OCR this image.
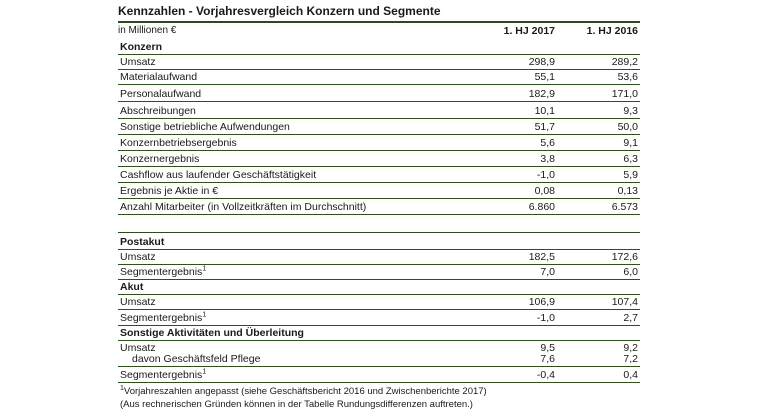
Kennzahlen - Vorjahresvergleich Konzern und Segmente
in Millionen €	1. HJ 2017	1. HJ 2016
Konzern
Umsatz	298,9	289,2
Materialaufwand	55,1	53,6
Personalaufwand	182,9	171,0
Abschreibungen	10,1	9,3
Sonstige betriebliche Aufwendungen	51,7	50,0
Konzernbetriebsergebnis	5,6	9,1
Konzernergebnis	3,8	6,3
Cashflow aus laufender Geschäftstätigkeit	-1,0	5,9
Ergebnis je Aktie in €	0,08	0,13
Anzahl Mitarbeiter (in Vollzeitkräften im Durchschnitt)	6.860	6.573
Postakut
Umsatz	182,5	172,6
Segmentergebnis$^1$	7,0	6,0
Akut
Umsatz	106,9	107,4
Segmentergebnis$^1$	-1,0	2,7
Sonstige Aktivitäten und Überleitung
Umsatz	9,5	9,2
davon Geschäftsfeld Pflege	7,6	7,2
Segmentergebnis$^1$	-0,4	0,4
$^1$Vorjahreszahlen angepasst (siehe Geschäftsbericht 2016 und Zwischenberichte 2017)
(Aus rechnerischen Gründen können in der Tabelle Rundungsdifferenzen auftreten.)
